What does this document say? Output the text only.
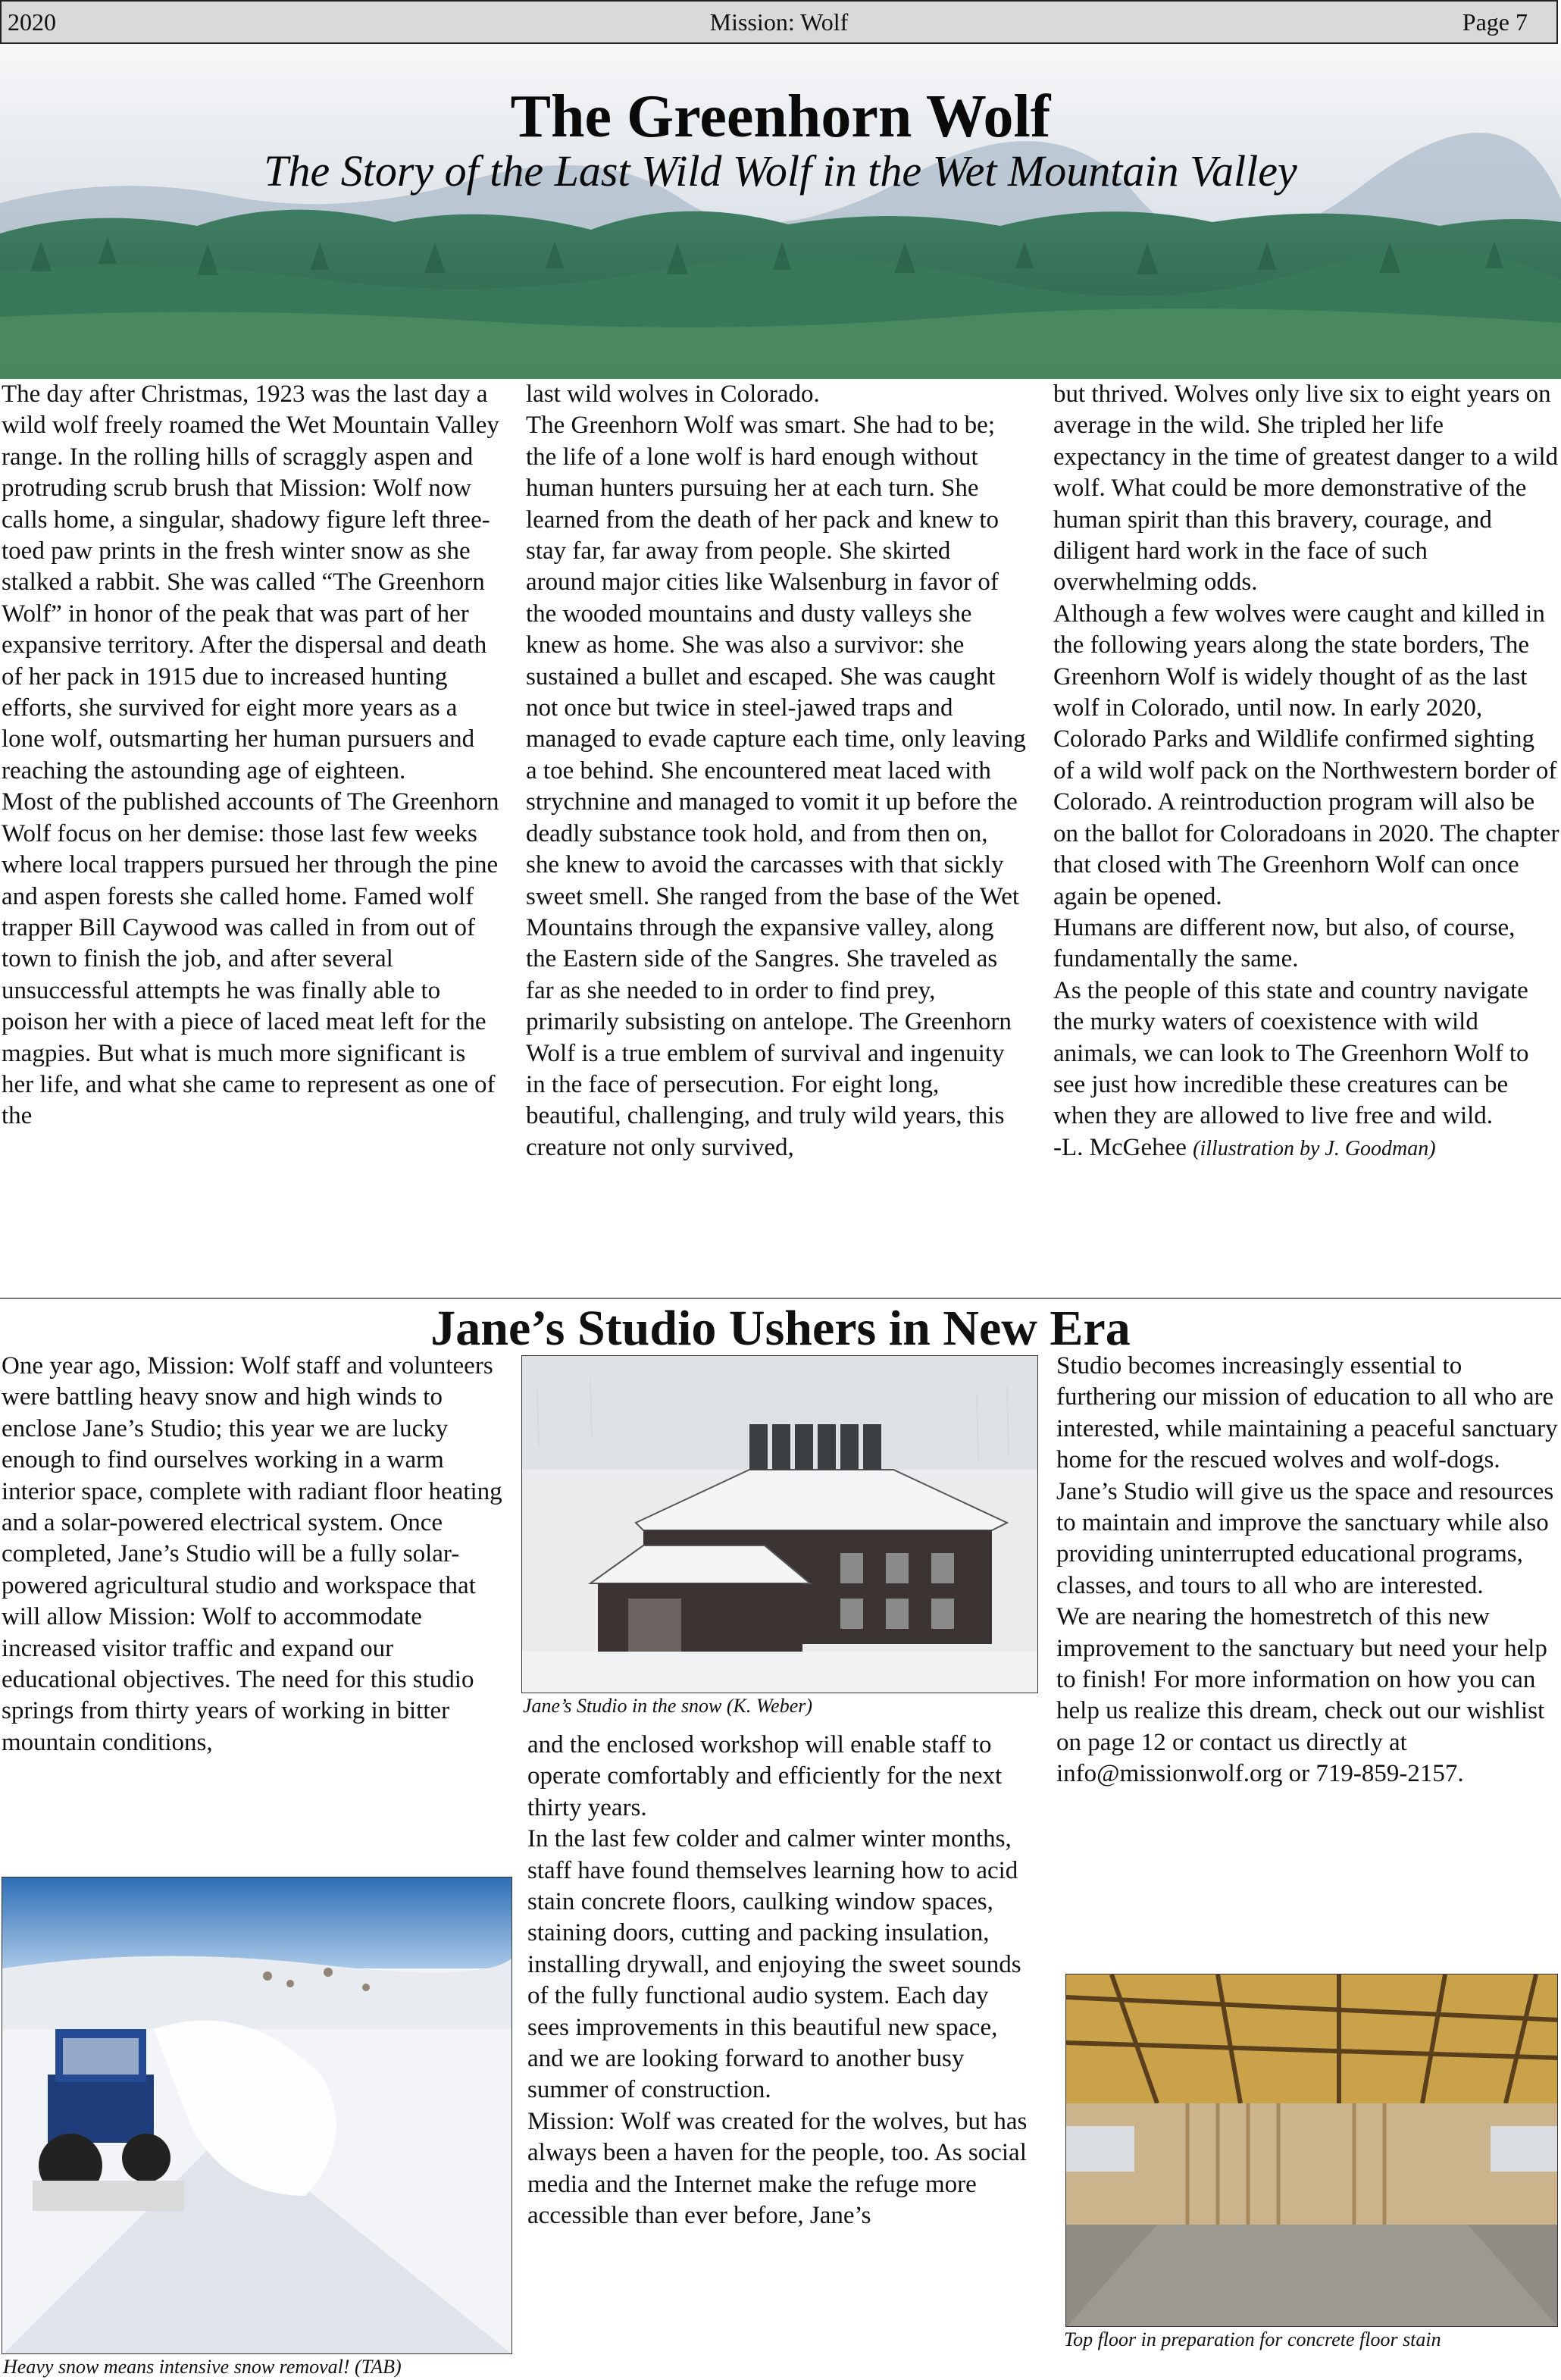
2020	Mission: Wolf	Page 7
The Greenhorn Wolf
The Story of the Last Wild Wolf in the Wet Mountain Valley

The day after Christmas, 1923 was the last day a wild wolf freely roamed the Wet Mountain Valley range. In the rolling hills of scraggly aspen and protruding scrub brush that Mission: Wolf now calls home, a singular, shadowy figure left three-toed paw prints in the fresh winter snow as she stalked a rabbit. She was called “The Greenhorn Wolf” in honor of the peak that was part of her expansive territory. After the dispersal and death of her pack in 1915 due to increased hunting efforts, she survived for eight more years as a lone wolf, outsmarting her human pursuers and reaching the astounding age of eighteen.

Most of the published accounts of The Greenhorn Wolf focus on her demise: those last few weeks where local trappers pursued her through the pine and aspen forests she called home. Famed wolf trapper Bill Caywood was called in from out of town to finish the job, and after several unsuccessful attempts he was finally able to poison her with a piece of laced meat left for the magpies. But what is much more significant is her life, and what she came to represent as one of the

last wild wolves in Colorado.

The Greenhorn Wolf was smart. She had to be; the life of a lone wolf is hard enough without human hunters pursuing her at each turn. She learned from the death of her pack and knew to stay far, far away from people. She skirted around major cities like Walsenburg in favor of the wooded mountains and dusty valleys she knew as home. She was also a survivor: she sustained a bullet and escaped. She was caught not once but twice in steel-jawed traps and managed to evade capture each time, only leaving a toe behind. She encountered meat laced with strychnine and managed to vomit it up before the deadly substance took hold, and from then on, she knew to avoid the carcasses with that sickly sweet smell. She ranged from the base of the Wet Mountains through the expansive valley, along the Eastern side of the Sangres. She traveled as far as she needed to in order to find prey, primarily subsisting on antelope. The Greenhorn Wolf is a true emblem of survival and ingenuity in the face of persecution. For eight long, beautiful, challenging, and truly wild years, this creature not only survived,

but thrived. Wolves only live six to eight years on average in the wild. She tripled her life expectancy in the time of greatest danger to a wild wolf. What could be more demonstrative of the human spirit than this bravery, courage, and diligent hard work in the face of such overwhelming odds.

Although a few wolves were caught and killed in the following years along the state borders, The Greenhorn Wolf is widely thought of as the last wolf in Colorado, until now. In early 2020, Colorado Parks and Wildlife confirmed sighting of a wild wolf pack on the Northwestern border of Colorado. A reintroduction program will also be on the ballot for Coloradoans in 2020. The chapter that closed with The Greenhorn Wolf can once again be opened.

Humans are different now, but also, of course, fundamentally the same.

As the people of this state and country navigate the murky waters of coexistence with wild animals, we can look to The Greenhorn Wolf to see just how incredible these creatures can be when they are allowed to live free and wild.

-L. McGehee (illustration by J. Goodman)

Jane’s Studio Ushers in New Era

One year ago, Mission: Wolf staff and volunteers were battling heavy snow and high winds to enclose Jane’s Studio; this year we are lucky enough to find ourselves working in a warm interior space, complete with radiant floor heating and a solar-powered electrical system. Once completed, Jane’s Studio will be a fully solar-powered agricultural studio and workspace that will allow Mission: Wolf to accommodate increased visitor traffic and expand our educational objectives. The need for this studio springs from thirty years of working in bitter mountain conditions,

Jane’s Studio in the snow (K. Weber)

and the enclosed workshop will enable staff to operate comfortably and efficiently for the next thirty years.

In the last few colder and calmer winter months, staff have found themselves learning how to acid stain concrete floors, caulking window spaces, staining doors, cutting and packing insulation, installing drywall, and enjoying the sweet sounds of the fully functional audio system. Each day sees improvements in this beautiful new space, and we are looking forward to another busy summer of construction.

Mission: Wolf was created for the wolves, but has always been a haven for the people, too. As social media and the Internet make the refuge more accessible than ever before, Jane’s

Heavy snow means intensive snow removal! (TAB)

Studio becomes increasingly essential to furthering our mission of education to all who are interested, while maintaining a peaceful sanctuary home for the rescued wolves and wolf-dogs.

Jane’s Studio will give us the space and resources to maintain and improve the sanctuary while also providing uninterrupted educational programs, classes, and tours to all who are interested.

We are nearing the homestretch of this new improvement to the sanctuary but need your help to finish! For more information on how you can help us realize this dream, check out our wishlist on page 12 or contact us directly at info@missionwolf.org or 719-859-2157.

Top floor in preparation for concrete floor stain
